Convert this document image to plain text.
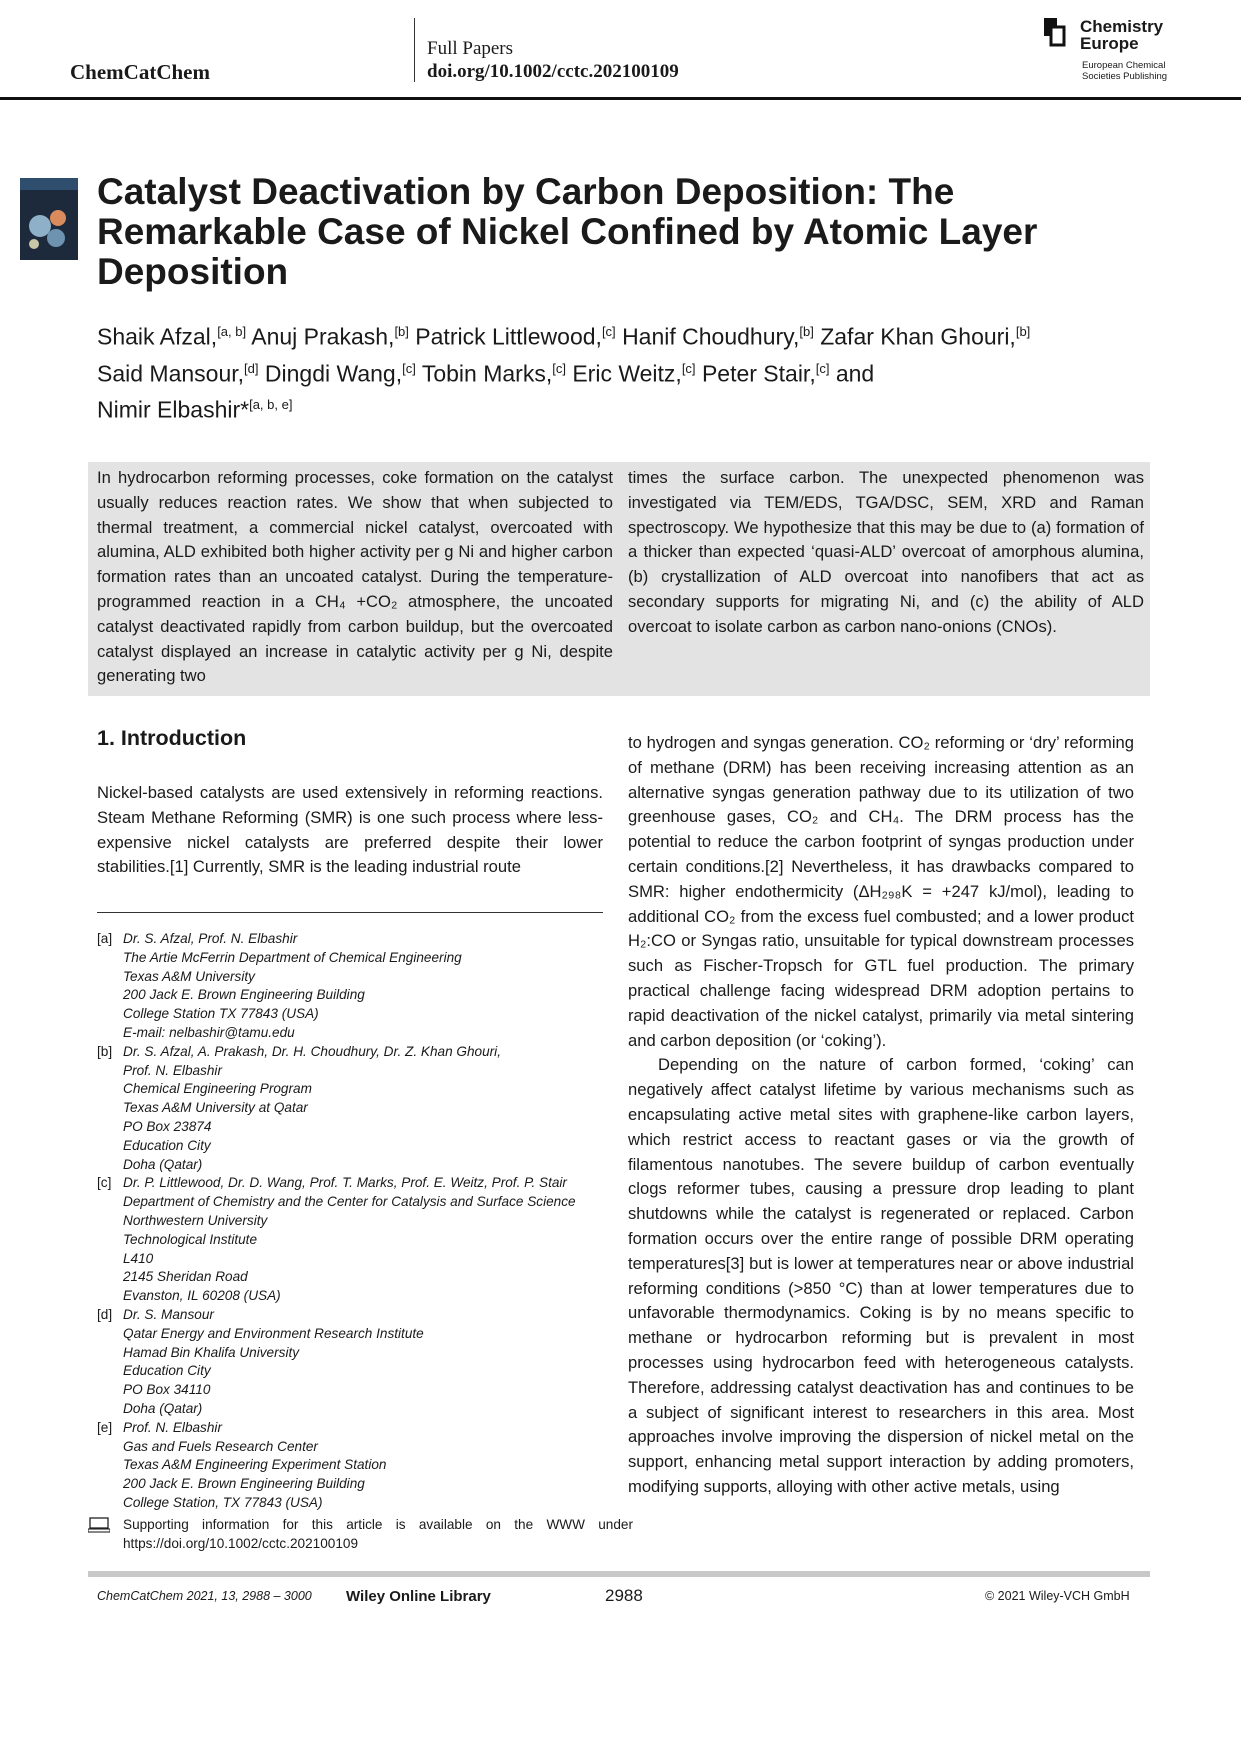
ChemCatChem
Full Papers
doi.org/10.1002/cctc.202100109
Chemistry
Europe
European Chemical
Societies Publishing
Catalyst Deactivation by Carbon Deposition: The Remarkable Case of Nickel Confined by Atomic Layer Deposition
Shaik Afzal,[a, b] Anuj Prakash,[b] Patrick Littlewood,[c] Hanif Choudhury,[b] Zafar Khan Ghouri,[b]
Said Mansour,[d] Dingdi Wang,[c] Tobin Marks,[c] Eric Weitz,[c] Peter Stair,[c] and
Nimir Elbashir*[a, b, e]

In hydrocarbon reforming processes, coke formation on the catalyst usually reduces reaction rates. We show that when subjected to thermal treatment, a commercial nickel catalyst, overcoated with alumina, ALD exhibited both higher activity per g Ni and higher carbon formation rates than an uncoated catalyst. During the temperature-programmed reaction in a CH₄ +CO₂ atmosphere, the uncoated catalyst deactivated rapidly from carbon buildup, but the overcoated catalyst displayed an increase in catalytic activity per g Ni, despite generating two

times the surface carbon. The unexpected phenomenon was investigated via TEM/EDS, TGA/DSC, SEM, XRD and Raman spectroscopy. We hypothesize that this may be due to (a) formation of a thicker than expected ‘quasi-ALD’ overcoat of amorphous alumina, (b) crystallization of ALD overcoat into nanofibers that act as secondary supports for migrating Ni, and (c) the ability of ALD overcoat to isolate carbon as carbon nano-onions (CNOs).

1. Introduction

Nickel-based catalysts are used extensively in reforming reactions. Steam Methane Reforming (SMR) is one such process where less-expensive nickel catalysts are preferred despite their lower stabilities.[1] Currently, SMR is the leading industrial route

[a] Dr. S. Afzal, Prof. N. Elbashir
The Artie McFerrin Department of Chemical Engineering
Texas A&M University
200 Jack E. Brown Engineering Building
College Station TX 77843 (USA)
E-mail: nelbashir@tamu.edu
[b] Dr. S. Afzal, A. Prakash, Dr. H. Choudhury, Dr. Z. Khan Ghouri,
Prof. N. Elbashir
Chemical Engineering Program
Texas A&M University at Qatar
PO Box 23874
Education City
Doha (Qatar)
[c] Dr. P. Littlewood, Dr. D. Wang, Prof. T. Marks, Prof. E. Weitz, Prof. P. Stair
Department of Chemistry and the Center for Catalysis and Surface Science
Northwestern University
Technological Institute
L410
2145 Sheridan Road
Evanston, IL 60208 (USA)
[d] Dr. S. Mansour
Qatar Energy and Environment Research Institute
Hamad Bin Khalifa University
Education City
PO Box 34110
Doha (Qatar)
[e] Prof. N. Elbashir
Gas and Fuels Research Center
Texas A&M Engineering Experiment Station
200 Jack E. Brown Engineering Building
College Station, TX 77843 (USA)
Supporting information for this article is available on the WWW under https://doi.org/10.1002/cctc.202100109

to hydrogen and syngas generation. CO₂ reforming or ‘dry’ reforming of methane (DRM) has been receiving increasing attention as an alternative syngas generation pathway due to its utilization of two greenhouse gases, CO₂ and CH₄. The DRM process has the potential to reduce the carbon footprint of syngas production under certain conditions.[2] Nevertheless, it has drawbacks compared to SMR: higher endothermicity (ΔH₂₉₈K = +247 kJ/mol), leading to additional CO₂ from the excess fuel combusted; and a lower product H₂:CO or Syngas ratio, unsuitable for typical downstream processes such as Fischer-Tropsch for GTL fuel production. The primary practical challenge facing widespread DRM adoption pertains to rapid deactivation of the nickel catalyst, primarily via metal sintering and carbon deposition (or ‘coking’).

Depending on the nature of carbon formed, ‘coking’ can negatively affect catalyst lifetime by various mechanisms such as encapsulating active metal sites with graphene-like carbon layers, which restrict access to reactant gases or via the growth of filamentous nanotubes. The severe buildup of carbon eventually clogs reformer tubes, causing a pressure drop leading to plant shutdowns while the catalyst is regenerated or replaced. Carbon formation occurs over the entire range of possible DRM operating temperatures[3] but is lower at temperatures near or above industrial reforming conditions (>850 °C) than at lower temperatures due to unfavorable thermodynamics. Coking is by no means specific to methane or hydrocarbon reforming but is prevalent in most processes using hydrocarbon feed with heterogeneous catalysts. Therefore, addressing catalyst deactivation has and continues to be a subject of significant interest to researchers in this area. Most approaches involve improving the dispersion of nickel metal on the support, enhancing metal support interaction by adding promoters, modifying supports, alloying with other active metals, using

ChemCatChem 2021, 13, 2988 – 3000 Wiley Online Library	2988	© 2021 Wiley-VCH GmbH
